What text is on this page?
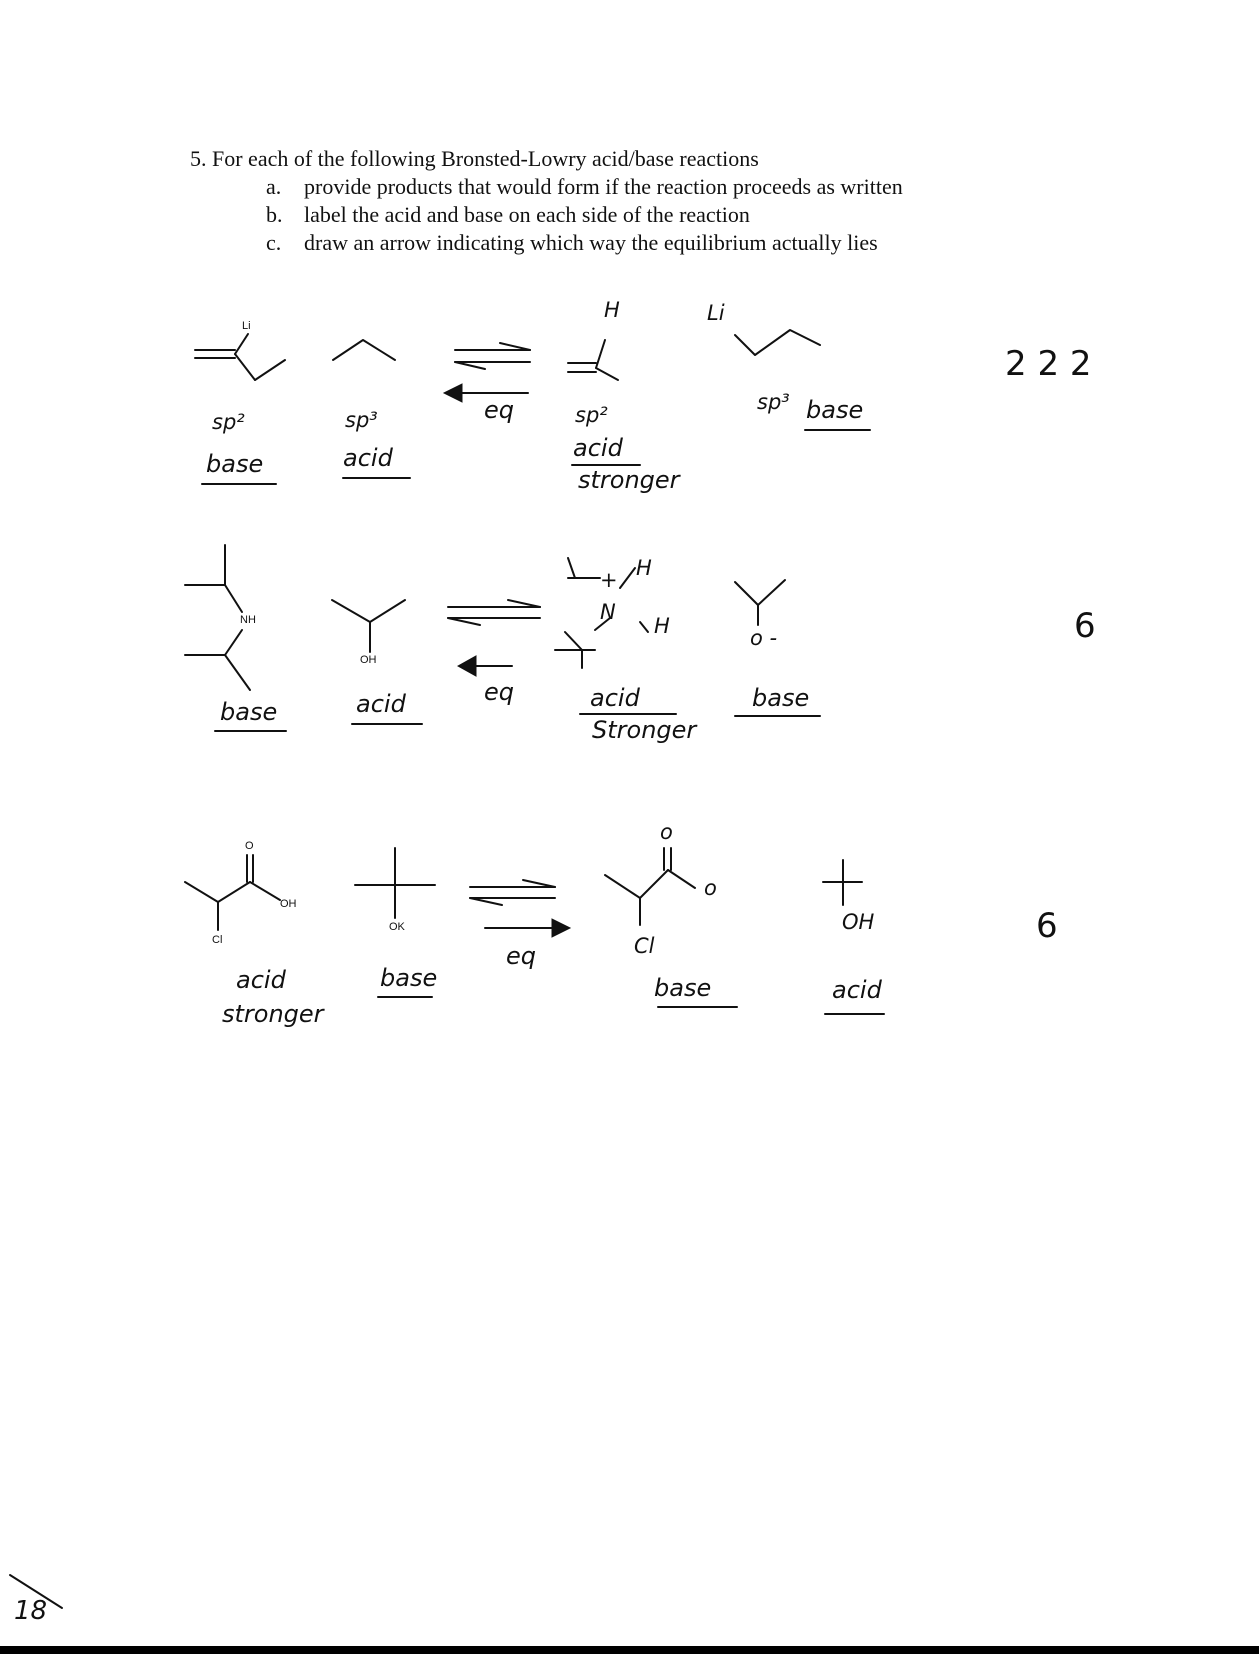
5. For each of the following Bronsted-Lowry acid/base reactions
a. provide products that would form if the reaction proceeds as written
b. label the acid and base on each side of the reaction
c. draw an arrow indicating which way the equilibrium actually lies
Li
NH
OH
O
OH
Cl
OK
sp²
base
sp³
acid
eq
H
sp²
acid
stronger
Li
sp³ base
2 2 2
base	acid	eq
H
+
N
H
acid
Stronger
o -
base
6
acid
stronger
base
eq
o
o
Cl
base
OH
acid
6
18
